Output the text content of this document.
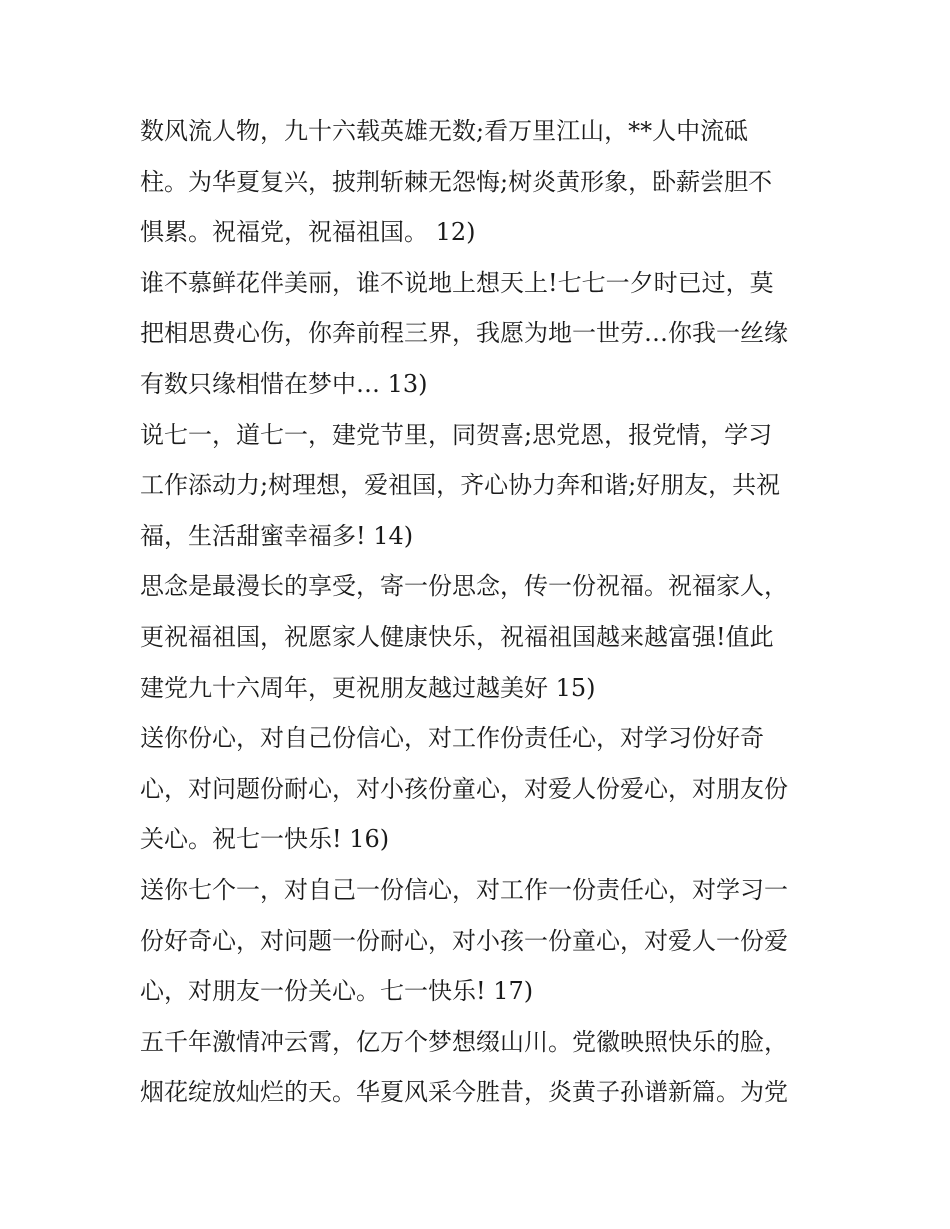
数风流人物，九十六载英雄无数;看万里江山，**人中流砥
柱。为华夏复兴，披荆斩棘无怨悔;树炎黄形象，卧薪尝胆不
惧累。祝福党，祝福祖国。 12)
谁不慕鲜花伴美丽，谁不说地上想天上!七七一夕时已过，莫
把相思费心伤，你奔前程三界，我愿为地一世劳…你我一丝缘
有数只缘相惜在梦中… 13)
说七一，道七一，建党节里，同贺喜;思党恩，报党情，学习
工作添动力;树理想，爱祖国，齐心协力奔和谐;好朋友，共祝
福，生活甜蜜幸福多! 14)
思念是最漫长的享受，寄一份思念，传一份祝福。祝福家人，
更祝福祖国，祝愿家人健康快乐，祝福祖国越来越富强!值此
建党九十六周年，更祝朋友越过越美好 15)
送你份心，对自己份信心，对工作份责任心，对学习份好奇
心，对问题份耐心，对小孩份童心，对爱人份爱心，对朋友份
关心。祝七一快乐! 16)
送你七个一，对自己一份信心，对工作一份责任心，对学习一
份好奇心，对问题一份耐心，对小孩一份童心，对爱人一份爱
心，对朋友一份关心。七一快乐! 17)
五千年激情冲云霄，亿万个梦想缀山川。党徽映照快乐的脸，
烟花绽放灿烂的天。华夏风采今胜昔，炎黄子孙谱新篇。为党
